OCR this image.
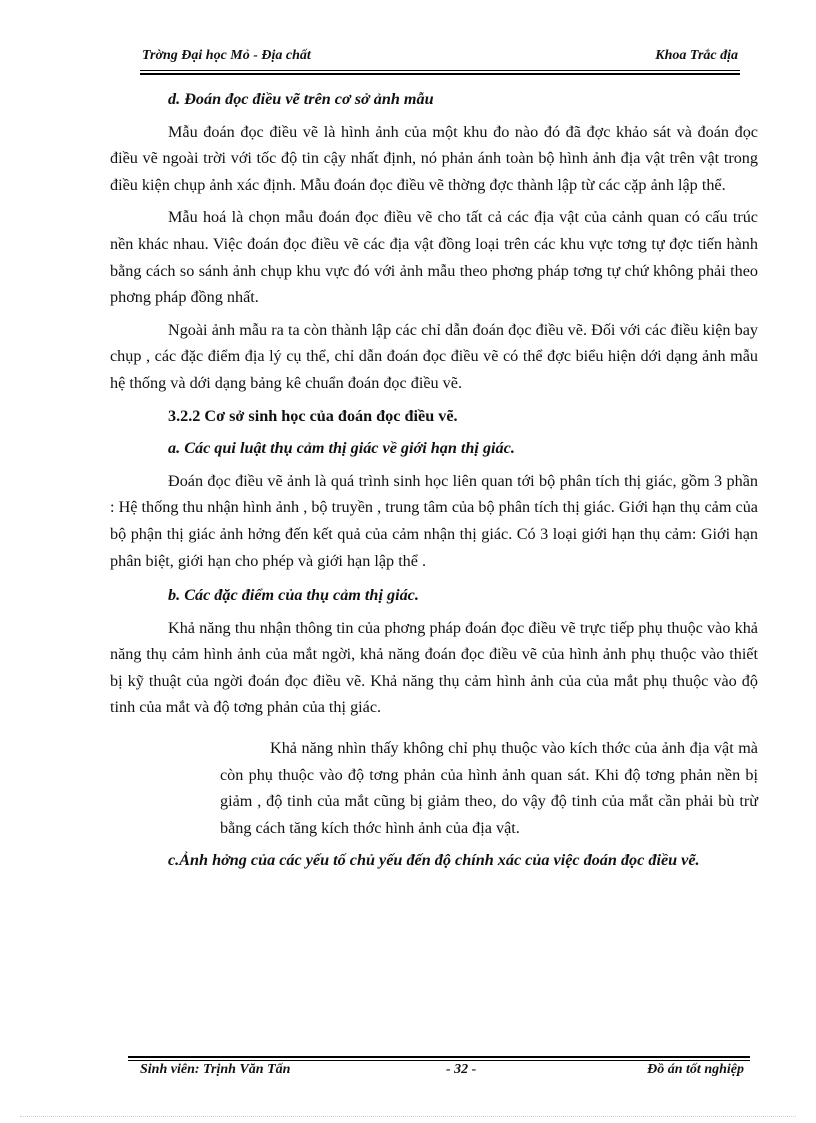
Trờng Đại học Mỏ - Địa chất	Khoa Trắc địa

d. Đoán đọc điều vẽ trên cơ sở ảnh mẫu

Mẫu đoán đọc điều vẽ là hình ảnh của một khu đo nào đó đã đợc khảo sát và đoán đọc điều vẽ ngoài trời với tốc độ tin cậy nhất định, nó phản ánh toàn bộ hình ảnh địa vật trên vật trong điều kiện chụp ảnh xác định. Mẫu đoán đọc điều vẽ thờng đợc thành lập từ các cặp ảnh lập thể.

Mẫu hoá là chọn mẫu đoán đọc điều vẽ cho tất cả các địa vật của cảnh quan có cấu trúc nền khác nhau. Việc đoán đọc điều vẽ các địa vật đồng loại trên các khu vực tơng tự đợc tiến hành bằng cách so sánh ảnh chụp khu vực đó với ảnh mẫu theo phơng pháp tơng tự chứ không phải theo phơng pháp đồng nhất.

Ngoài ảnh mẫu ra ta còn thành lập các chỉ dẫn đoán đọc điều vẽ. Đối với các điều kiện bay chụp , các đặc điểm địa lý cụ thể, chỉ dẫn đoán đọc điều vẽ có thể đợc biểu hiện dới dạng ảnh mẫu hệ thống và dới dạng bảng kê chuẩn đoán đọc điều vẽ.

3.2.2 Cơ sở sinh học của đoán đọc điều vẽ.

a. Các qui luật thụ cảm thị giác về giới hạn thị giác.

Đoán đọc điều vẽ ảnh là quá trình sinh học liên quan tới bộ phân tích thị giác, gồm 3 phần : Hệ thống thu nhận hình ảnh , bộ truyền , trung tâm của bộ phân tích thị giác. Giới hạn thụ cảm của bộ phận thị giác ảnh hởng đến kết quả của cảm nhận thị giác. Có 3 loại giới hạn thụ cảm: Giới hạn phân biệt, giới hạn cho phép và giới hạn lập thể .

b. Các đặc điểm của thụ cảm thị giác.

Khả năng thu nhận thông tin của phơng pháp đoán đọc điều vẽ trực tiếp phụ thuộc vào khả năng thụ cảm hình ảnh của mắt ngời, khả năng đoán đọc điều vẽ của hình ảnh phụ thuộc vào thiết bị kỹ thuật của ngời đoán đọc điều vẽ. Khả năng thụ cảm hình ảnh của của mắt phụ thuộc vào độ tinh của mắt và độ tơng phản của thị giác.

Khả năng nhìn thấy không chỉ phụ thuộc vào kích thớc của ảnh địa vật mà còn phụ thuộc vào độ tơng phản của hình ảnh quan sát. Khi độ tơng phản nền bị giảm , độ tinh của mắt cũng bị giảm theo, do vậy độ tinh của mắt cần phải bù trừ bằng cách tăng kích thớc hình ảnh của địa vật.

c.Ảnh hởng của các yếu tố chủ yếu đến độ chính xác của việc đoán đọc điều vẽ.

Sinh viên: Trịnh Văn Tấn	- 32 -	Đồ án tốt nghiệp
